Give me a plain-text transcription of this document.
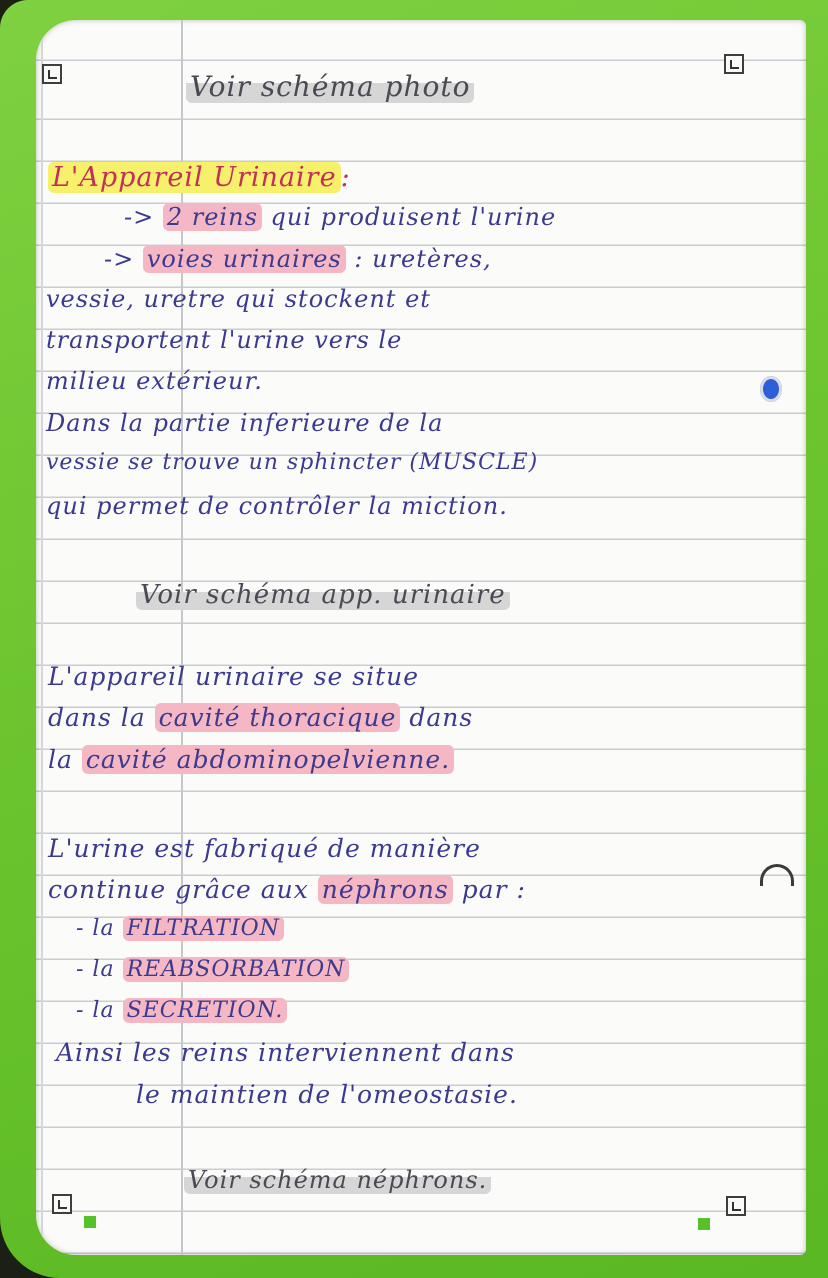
Voir schéma photo
L'Appareil Urinaire :
-> 2 reins qui produisent l'urine
-> voies urinaires : uretères,
vessie, uretre qui stockent et
transportent l'urine vers le
milieu extérieur.
Dans la partie inferieure de la
vessie se trouve un sphincter (MUSCLE)
qui permet de contrôler la miction.
Voir schéma app. urinaire
L'appareil urinaire se situe
dans la cavité thoracique dans
la cavité abdominopelvienne.
L'urine est fabriqué de manière
continue grâce aux néphrons par :
- la FILTRATION
- la REABSORBATION
- la SECRETION.
Ainsi les reins interviennent dans
le maintien de l'omeostasie.
Voir schéma néphrons.
